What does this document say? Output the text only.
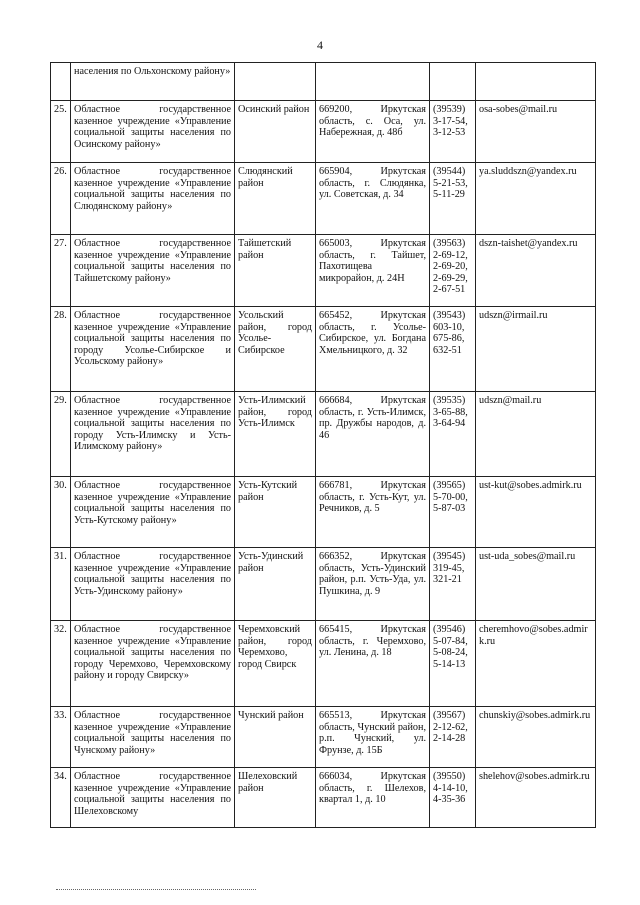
4
	населения по Ольхонскому району»				
25.	Областное государственное казенное учреждение «Управление социальной защиты населения по Осинскому району»	Осинский район	669200, Иркутская область, с. Оса, ул. Набережная, д. 48б	(39539) 3-17-54, 3-12-53	osa-sobes@mail.ru
26.	Областное государственное казенное учреждение «Управление социальной защиты населения по Слюдянскому району»	Слюдянский район	665904, Иркутская область, г. Слюдянка, ул. Советская, д. 34	(39544) 5-21-53, 5-11-29	ya.sluddszn@yandex.ru
27.	Областное государственное казенное учреждение «Управление социальной защиты населения по Тайшетскому району»	Тайшетский район	665003, Иркутская область, г. Тайшет, Пахотищева микрорайон, д. 24Н	(39563) 2-69-12, 2-69-20, 2-69-29, 2-67-51	dszn-taishet@yandex.ru
28.	Областное государственное казенное учреждение «Управление социальной защиты населения по городу Усолье-Сибирское и Усольскому району»	Усольский район, город Усолье-Сибирское	665452, Иркутская область, г. Усолье-Сибирское, ул. Богдана Хмельницкого, д. 32	(39543) 603-10, 675-86, 632-51	udszn@irmail.ru
29.	Областное государственное казенное учреждение «Управление социальной защиты населения по городу Усть-Илимску и Усть-Илимскому району»	Усть-Илимский район, город Усть-Илимск	666684, Иркутская область, г. Усть-Илимск, пр. Дружбы народов, д. 46	(39535) 3-65-88, 3-64-94	udszn@mail.ru
30.	Областное государственное казенное учреждение «Управление социальной защиты населения по Усть-Кутскому району»	Усть-Кутский район	666781, Иркутская область, г. Усть-Кут, ул. Речников, д. 5	(39565) 5-70-00, 5-87-03	ust-kut@sobes.admirk.ru
31.	Областное государственное казенное учреждение «Управление социальной защиты населения по Усть-Удинскому району»	Усть-Удинский район	666352, Иркутская область, Усть-Удинский район, р.п. Усть-Уда, ул. Пушкина, д. 9	(39545) 319-45, 321-21	ust-uda_sobes@mail.ru
32.	Областное государственное казенное учреждение «Управление социальной защиты населения по городу Черемхово, Черемховскому району и городу Свирску»	Черемховский район, город Черемхово, город Свирск	665415, Иркутская область, г. Черемхово, ул. Ленина, д. 18	(39546) 5-07-84, 5-08-24, 5-14-13	cheremhovo@sobes.admirk.ru
33.	Областное государственное казенное учреждение «Управление социальной защиты населения по Чунскому району»	Чунский район	665513, Иркутская область, Чунский район, р.п. Чунский, ул. Фрунзе, д. 15Б	(39567) 2-12-62, 2-14-28	chunskiy@sobes.admirk.ru
34.	Областное государственное казенное учреждение «Управление социальной защиты населения по Шелеховскому	Шелеховский район	666034, Иркутская область, г. Шелехов, квартал 1, д. 10	(39550) 4-14-10, 4-35-36	shelehov@sobes.admirk.ru
